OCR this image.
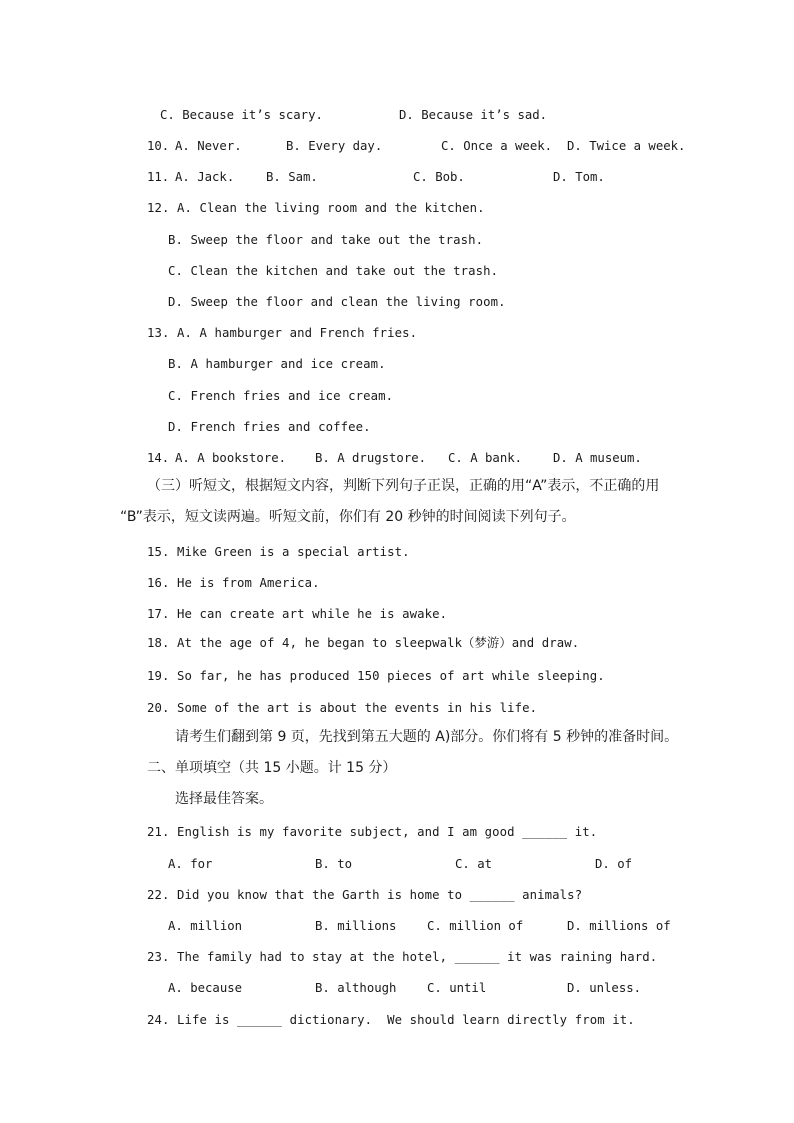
C. Because it’s scary.	D. Because it’s sad.
10. A. Never.	B. Every day.	C. Once a week. D. Twice a week.
11. A. Jack.	B. Sam.	C. Bob.	D. Tom.
12. A. Clean the living room and the kitchen.
B. Sweep the floor and take out the trash.
C. Clean the kitchen and take out the trash.
D. Sweep the floor and clean the living room.
13. A. A hamburger and French fries.
B. A hamburger and ice cream.
C. French fries and ice cream.
D. French fries and coffee.
14. A. A bookstore. B. A drugstore. C. A bank.	D. A museum.
（三）听短文，根据短文内容，判断下列句子正误，正确的用“A”表示，不正确的用
“B”表示，短文读两遍。听短文前，你们有 20 秒钟的时间阅读下列句子。
15. Mike Green is a special artist.
16. He is from America.
17. He can create art while he is awake.
18. At the age of 4, he began to sleepwalk（梦游）and draw.
19. So far, he has produced 150 pieces of art while sleeping.
20. Some of the art is about the events in his life.
请考生们翻到第 9 页，先找到第五大题的 A)部分。你们将有 5 秒钟的准备时间。
二、单项填空（共 15 小题。计 15 分）
选择最佳答案。
21. English is my favorite subject, and I am good ______ it.
A. for	B. to	C. at	D. of
22. Did you know that the Garth is home to ______ animals?
A. million	B. millions C. million of	D. millions of
23. The family had to stay at the hotel, ______ it was raining hard.
A. because	B. although C. until	D. unless.
24. Life is ______ dictionary.  We should learn directly from it.
